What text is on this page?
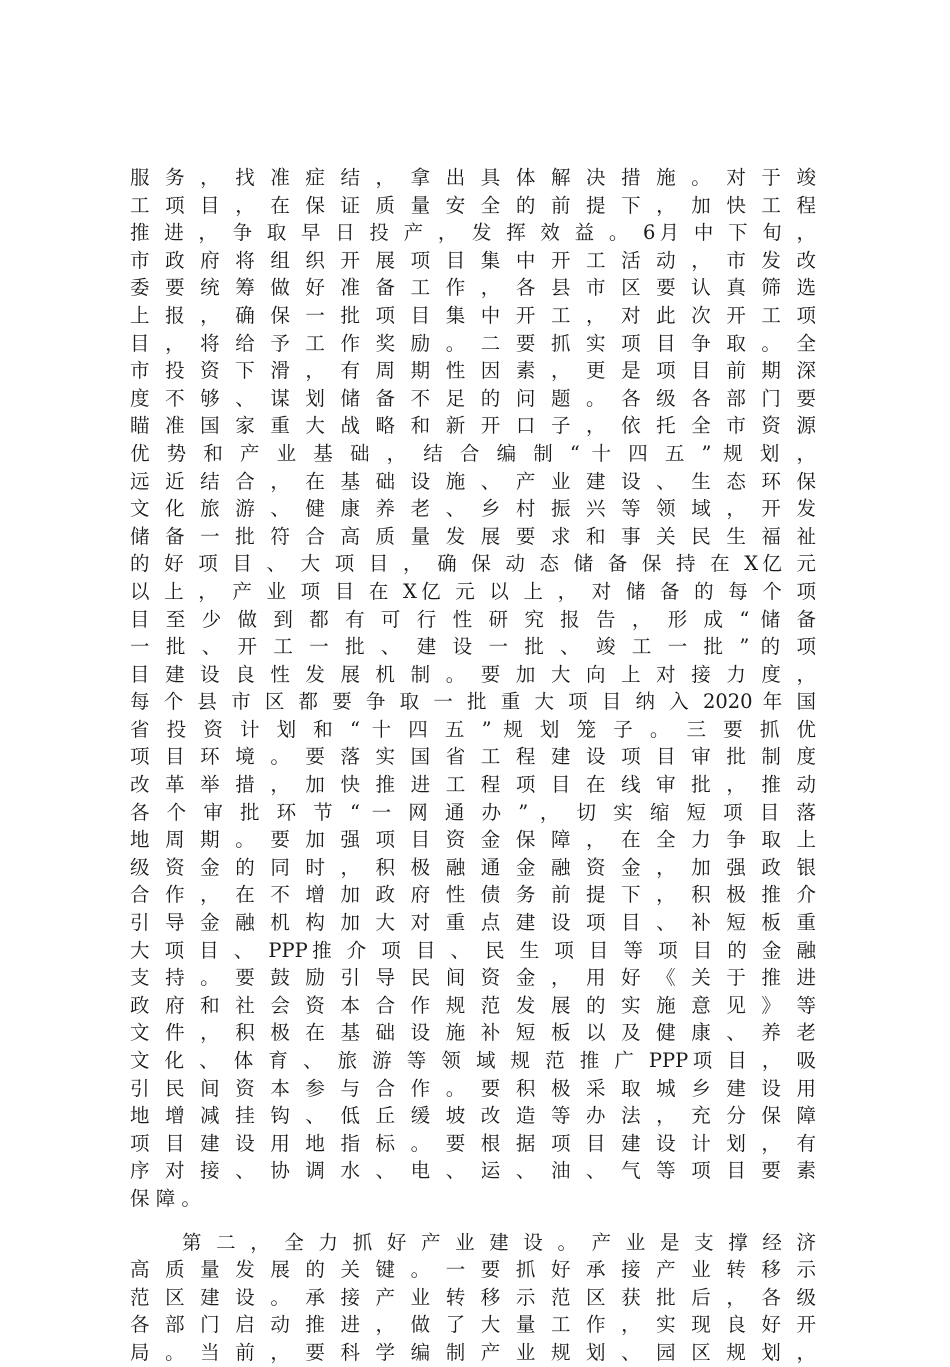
服 务 ， 找 准 症 结 ， 拿 出 具 体 解 决 措 施 。 对 于 竣
工 项 目 ， 在 保 证 质 量 安 全 的 前 提 下 ， 加 快 工 程
推 进 ， 争 取 早 日 投 产 ， 发 挥 效 益 。 6月 中 下 旬 ，
市 政 府 将 组 织 开 展 项 目 集 中 开 工 活 动 ， 市 发 改
委 要 统 筹 做 好 准 备 工 作 ， 各 县 市 区 要 认 真 筛 选
上 报 ， 确 保 一 批 项 目 集 中 开 工 ， 对 此 次 开 工 项
目 ， 将 给 予 工 作 奖 励 。 二 要 抓 实 项 目 争 取 。 全
市 投 资 下 滑 ， 有 周 期 性 因 素 ， 更 是 项 目 前 期 深
度 不 够 、 谋 划 储 备 不 足 的 问 题 。 各 级 各 部 门 要
瞄 准 国 家 重 大 战 略 和 新 开 口 子 ， 依 托 全 市 资 源
优 势 和 产 业 基 础 ， 结 合 编 制 “ 十 四 五 ” 规 划 ，
远 近 结 合 ， 在 基 础 设 施 、 产 业 建 设 、 生 态 环 保
文 化 旅 游 、 健 康 养 老 、 乡 村 振 兴 等 领 域 ， 开 发
储 备 一 批 符 合 高 质 量 发 展 要 求 和 事 关 民 生 福 祉
的 好 项 目 、 大 项 目 ， 确 保 动 态 储 备 保 持 在 X亿 元
以 上 ， 产 业 项 目 在 X亿 元 以 上 ， 对 储 备 的 每 个 项
目 至 少 做 到 都 有 可 行 性 研 究 报 告 ， 形 成 “ 储 备
一 批 、 开 工 一 批 、 建 设 一 批 、 竣 工 一 批 ” 的 项
目 建 设 良 性 发 展 机 制 。 要 加 大 向 上 对 接 力 度 ，
每 个 县 市 区 都 要 争 取 一 批 重 大 项 目 纳 入 2020 年 国
省 投 资 计 划 和 “ 十 四 五 ” 规 划 笼 子 。 三 要 抓 优
项 目 环 境 。 要 落 实 国 省 工 程 建 设 项 目 审 批 制 度
改 革 举 措 ， 加 快 推 进 工 程 项 目 在 线 审 批 ， 推 动
各 个 审 批 环 节 “ 一 网 通 办 ” ， 切 实 缩 短 项 目 落
地 周 期 。 要 加 强 项 目 资 金 保 障 ， 在 全 力 争 取 上
级 资 金 的 同 时 ， 积 极 融 通 金 融 资 金 ， 加 强 政 银
合 作 ， 在 不 增 加 政 府 性 债 务 前 提 下 ， 积 极 推 介
引 导 金 融 机 构 加 大 对 重 点 建 设 项 目 、 补 短 板 重
大 项 目 、 PPP推 介 项 目 、 民 生 项 目 等 项 目 的 金 融
支 持 。 要 鼓 励 引 导 民 间 资 金 ， 用 好 《 关 于 推 进
政 府 和 社 会 资 本 合 作 规 范 发 展 的 实 施 意 见 》 等
文 件 ， 积 极 在 基 础 设 施 补 短 板 以 及 健 康 、 养 老
文 化 、 体 育 、 旅 游 等 领 域 规 范 推 广 PPP项 目 ， 吸
引 民 间 资 本 参 与 合 作 。 要 积 极 采 取 城 乡 建 设 用
地 增 减 挂 钩 、 低 丘 缓 坡 改 造 等 办 法 ， 充 分 保 障
项 目 建 设 用 地 指 标 。 要 根 据 项 目 建 设 计 划 ， 有
序 对 接 、 协 调 水 、 电 、 运 、 油 、 气 等 项 目 要 素
保 障 。
第 二 ， 全 力 抓 好 产 业 建 设 。 产 业 是 支 撑 经 济
高 质 量 发 展 的 关 键 。 一 要 抓 好 承 接 产 业 转 移 示
范 区 建 设 。 承 接 产 业 转 移 示 范 区 获 批 后 ， 各 级
各 部 门 启 动 推 进 ， 做 了 大 量 工 作 ， 实 现 良 好 开
局 。 当 前 ， 要 科 学 编 制 产 业 规 划 、 园 区 规 划 ，
